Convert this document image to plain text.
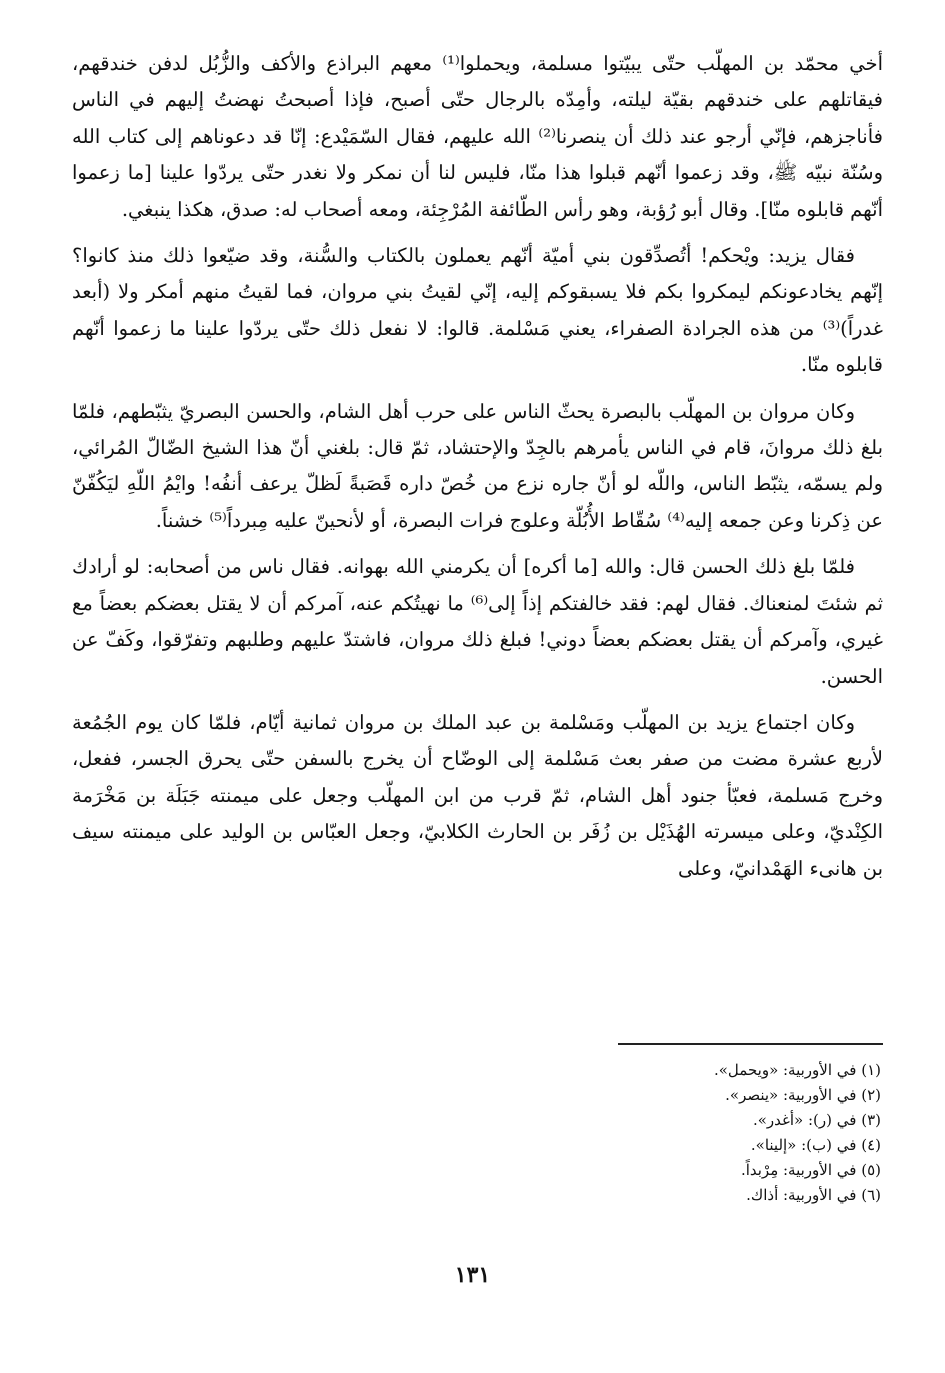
أخي محمّد بن المهلّب حتّى يبيّتوا مسلمة، ويحملوا⁽¹⁾ معهم البراذع والأكف والزُّبُل لدفن خندقهم، فيقاتلهم على خندقهم بقيّة ليلته، وأمِدّه بالرجال حتّى أصبح، فإذا أصبحتُ نهضتُ إليهم في الناس فأناجزهم، فإنّي أرجو عند ذلك أن ينصرنا⁽²⁾ الله عليهم، فقال السّمَيْدع: إنّا قد دعوناهم إلى كتاب الله وسُنّة نبيّه ﷺ، وقد زعموا أنّهم قبلوا هذا منّا، فليس لنا أن نمكر ولا نغدر حتّى يردّوا علينا [ما زعموا أنّهم قابلوه منّا]. وقال أبو رُؤبة، وهو رأس الطّائفة المُرْجِئة، ومعه أصحاب له: صدق، هكذا ينبغي.

فقال يزيد: ويْحكم! أتُصدِّقون بني أميّة أنّهم يعملون بالكتاب والسُّنة، وقد ضيّعوا ذلك منذ كانوا؟ إنّهم يخادعونكم ليمكروا بكم فلا يسبقوكم إليه، إنّي لقيتُ بني مروان، فما لقيتُ منهم أمكر ولا (أبعد غدراً)⁽³⁾ من هذه الجرادة الصفراء، يعني مَسْلمة. قالوا: لا نفعل ذلك حتّى يردّوا علينا ما زعموا أنّهم قابلوه منّا.

وكان مروان بن المهلّب بالبصرة يحثّ الناس على حرب أهل الشام، والحسن البصريّ يثبّطهم، فلمّا بلغ ذلك مروانَ، قام في الناس يأمرهم بالجِدّ والإحتشاد، ثمّ قال: بلغني أنّ هذا الشيخ الضّالّ المُرائي، ولم يسمّه، يثبّط الناس، واللّه لو أنّ جاره نزع من خُصّ داره قَصَبةً لَظلّ يرعف أنفُه! وايْمُ اللّهِ ليَكُفّنّ عن ذِكرنا وعن جمعه إليه⁽⁴⁾ سُقّاط الأُبُلّة وعلوج فرات البصرة، أو لأنحينّ عليه مِبرداً⁽⁵⁾ خشناً.

فلمّا بلغ ذلك الحسن قال: والله [ما أكره] أن يكرمني الله بهوانه. فقال ناس من أصحابه: لو أرادك ثم شئتَ لمنعناك. فقال لهم: فقد خالفتكم إذاً إلى⁽⁶⁾ ما نهيتُكم عنه، آمركم أن لا يقتل بعضكم بعضاً مع غيري، وآمركم أن يقتل بعضكم بعضاً دوني! فبلغ ذلك مروان، فاشتدّ عليهم وطلبهم وتفرّقوا، وكَفّ عن الحسن.

وكان اجتماع يزيد بن المهلّب ومَسْلمة بن عبد الملك بن مروان ثمانية أيّام، فلمّا كان يوم الجُمُعة لأربع عشرة مضت من صفر بعث مَسْلمة إلى الوضّاح أن يخرج بالسفن حتّى يحرق الجسر، ففعل، وخرج مَسلمة، فعبّأ جنود أهل الشام، ثمّ قرب من ابن المهلّب وجعل على ميمنته جَبَلَة بن مَخْرَمة الكِنْديّ، وعلى ميسرته الهُذَيْل بن زُفَر بن الحارث الكلابيّ، وجعل العبّاس بن الوليد على ميمنته سيف بن هانىء الهَمْدانيّ، وعلى

(١) في الأوربية: «ويحمل».
(٢) في الأوربية: «ينصر».
(٣) في (ر): «أغدر».
(٤) في (ب): «إلينا».
(٥) في الأوربية: مِرْبداً.
(٦) في الأوربية: أذاك.
١٣١
